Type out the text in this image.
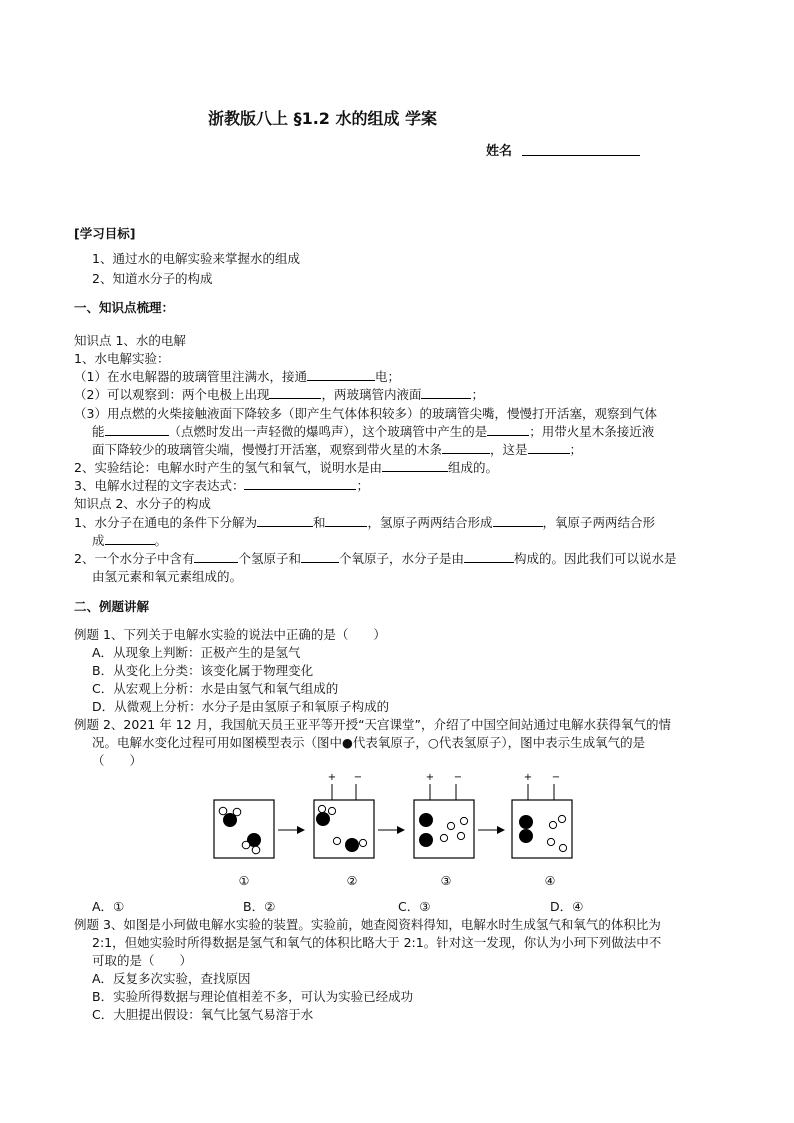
浙教版八上 §1.2 水的组成 学案
姓名
[学习目标]
1、通过水的电解实验来掌握水的组成
2、知道水分子的构成
一、知识点梳理：
知识点 1、水的电解
1、水电解实验：
（1）在水电解器的玻璃管里注满水，接通	电；
（2）可以观察到：两个电极上出现	，两玻璃管内液面	；
（3）用点燃的火柴接触液面下降较多（即产生气体体积较多）的玻璃管尖嘴，慢慢打开活塞，观察到气体
能	（点燃时发出一声轻微的爆鸣声），这个玻璃管中产生的是	；用带火星木条接近液
面下降较少的玻璃管尖端，慢慢打开活塞，观察到带火星的木条	，这是	；
2、实验结论：电解水时产生的氢气和氧气，说明水是由	组成的。
3、电解水过程的文字表达式：	；
知识点 2、水分子的构成
1、水分子在通电的条件下分解为	和	，氢原子两两结合形成	，氧原子两两结合形
成	。
2、一个水分子中含有	个氢原子和	个氧原子，水分子是由	构成的。因此我们可以说水是
由氢元素和氧元素组成的。
二、例题讲解
例题 1、下列关于电解水实验的说法中正确的是（　　）
A．从现象上判断：正极产生的是氢气
B．从变化上分类：该变化属于物理变化
C．从宏观上分析：水是由氢气和氧气组成的
D．从微观上分析：水分子是由氢原子和氧原子构成的
例题 2、2021 年 12 月，我国航天员王亚平等开授“天宫课堂”，介绍了中国空间站通过电解水获得氧气的情
况。电解水变化过程可用如图模型表示（图中●代表氧原子，○代表氢原子），图中表示生成氧气的是
（　　）
+ −	+ −	+ −
①	②	③	④
A．①	B．②	C．③	D．④
例题 3、如图是小珂做电解水实验的装置。实验前，她查阅资料得知，电解水时生成氢气和氧气的体积比为
2:1，但她实验时所得数据是氢气和氧气的体积比略大于 2:1。针对这一发现，你认为小珂下列做法中不
可取的是（　　）
A．反复多次实验，查找原因
B．实验所得数据与理论值相差不多，可认为实验已经成功
C．大胆提出假设：氧气比氢气易溶于水
